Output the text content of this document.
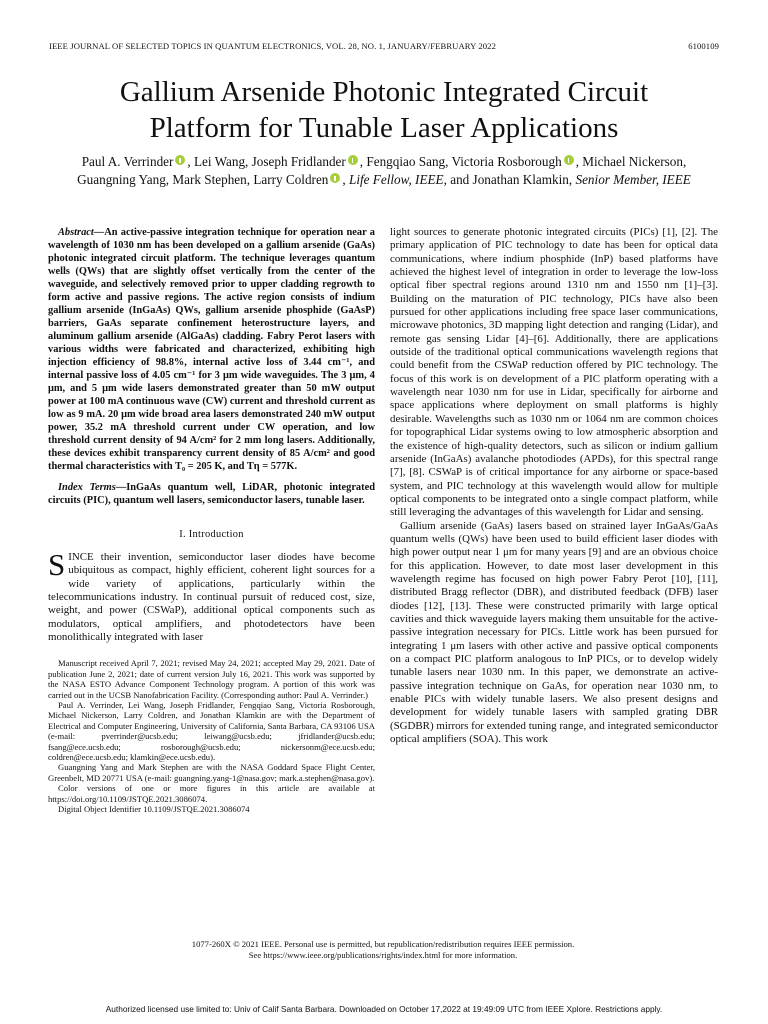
IEEE JOURNAL OF SELECTED TOPICS IN QUANTUM ELECTRONICS, VOL. 28, NO. 1, JANUARY/FEBRUARY 2022	6100109
Gallium Arsenide Photonic Integrated Circuit
Platform for Tunable Laser Applications

Paul A. Verrinder , Lei Wang, Joseph Fridlander , Fengqiao Sang, Victoria Rosborough , Michael Nickerson,
Guangning Yang, Mark Stephen, Larry Coldren , Life Fellow, IEEE, and Jonathan Klamkin, Senior Member, IEEE

Abstract—An active-passive integration technique for operation near a wavelength of 1030 nm has been developed on a gallium arsenide (GaAs) photonic integrated circuit platform. The technique leverages quantum wells (QWs) that are slightly offset vertically from the center of the waveguide, and selectively removed prior to upper cladding regrowth to form active and passive regions. The active region consists of indium gallium arsenide (InGaAs) QWs, gallium arsenide phosphide (GaAsP) barriers, GaAs separate confinement heterostructure layers, and aluminum gallium arsenide (AlGaAs) cladding. Fabry Perot lasers with various widths were fabricated and characterized, exhibiting high injection efficiency of 98.8%, internal active loss of 3.44 cm⁻¹, and internal passive loss of 4.05 cm⁻¹ for 3 μm wide waveguides. The 3 μm, 4 μm, and 5 μm wide lasers demonstrated greater than 50 mW output power at 100 mA continuous wave (CW) current and threshold current as low as 9 mA. 20 μm wide broad area lasers demonstrated 240 mW output power, 35.2 mA threshold current under CW operation, and low threshold current density of 94 A/cm² for 2 mm long lasers. Additionally, these devices exhibit transparency current density of 85 A/cm² and good thermal characteristics with T₀ = 205 K, and Tη = 577K.

Index Terms—InGaAs quantum well, LiDAR, photonic integrated circuits (PIC), quantum well lasers, semiconductor lasers, tunable laser.

I. Introduction

SINCE their invention, semiconductor laser diodes have become ubiquitous as compact, highly efficient, coherent light sources for a wide variety of applications, particularly within the telecommunications industry. In continual pursuit of reduced cost, size, weight, and power (CSWaP), additional optical components such as modulators, optical amplifiers, and photodetectors have been monolithically integrated with laser

Manuscript received April 7, 2021; revised May 24, 2021; accepted May 29, 2021. Date of publication June 2, 2021; date of current version July 16, 2021. This work was supported by the NASA ESTO Advance Component Technology program. A portion of this work was carried out in the UCSB Nanofabrication Facility. (Corresponding author: Paul A. Verrinder.)

Paul A. Verrinder, Lei Wang, Joseph Fridlander, Fengqiao Sang, Victoria Rosborough, Michael Nickerson, Larry Coldren, and Jonathan Klamkin are with the Department of Electrical and Computer Engineering, University of California, Santa Barbara, CA 93106 USA (e-mail: pverrinder@ucsb.edu; leiwang@ucsb.edu; jfridlander@ucsb.edu; fsang@ece.ucsb.edu; rosborough@ucsb.edu; nickersonm@ece.ucsb.edu; coldren@ece.ucsb.edu; klamkin@ece.ucsb.edu).

Guangning Yang and Mark Stephen are with the NASA Goddard Space Flight Center, Greenbelt, MD 20771 USA (e-mail: guangning.yang-1@nasa.gov; mark.a.stephen@nasa.gov).

Color versions of one or more figures in this article are available at https://doi.org/10.1109/JSTQE.2021.3086074.

Digital Object Identifier 10.1109/JSTQE.2021.3086074

light sources to generate photonic integrated circuits (PICs) [1], [2]. The primary application of PIC technology to date has been for optical data communications, where indium phosphide (InP) based platforms have achieved the highest level of integration in order to leverage the low-loss optical fiber spectral regions around 1310 nm and 1550 nm [1]–[3]. Building on the maturation of PIC technology, PICs have also been pursued for other applications including free space laser communications, microwave photonics, 3D mapping light detection and ranging (Lidar), and remote gas sensing Lidar [4]–[6]. Additionally, there are applications outside of the traditional optical communications wavelength regions that could benefit from the CSWaP reduction offered by PIC technology. The focus of this work is on development of a PIC platform operating with a wavelength near 1030 nm for use in Lidar, specifically for airborne and space applications where deployment on small platforms is highly desirable. Wavelengths such as 1030 nm or 1064 nm are common choices for topographical Lidar systems owing to low atmospheric absorption and the existence of high-quality detectors, such as silicon or indium gallium arsenide (InGaAs) avalanche photodiodes (APDs), for this spectral range [7], [8]. CSWaP is of critical importance for any airborne or space-based system, and PIC technology at this wavelength would allow for multiple optical components to be integrated onto a single compact platform, while still leveraging the advantages of this wavelength for Lidar and sensing.

Gallium arsenide (GaAs) lasers based on strained layer InGaAs/GaAs quantum wells (QWs) have been used to build efficient laser diodes with high power output near 1 μm for many years [9] and are an obvious choice for this application. However, to date most laser development in this wavelength regime has focused on high power Fabry Perot [10], [11], distributed Bragg reflector (DBR), and distributed feedback (DFB) laser diodes [12], [13]. These were constructed primarily with large optical cavities and thick waveguide layers making them unsuitable for the active-passive integration necessary for PICs. Little work has been pursued for integrating 1 μm lasers with other active and passive optical components on a compact PIC platform analogous to InP PICs, or to develop widely tunable lasers near 1030 nm. In this paper, we demonstrate an active-passive integration technique on GaAs, for operation near 1030 nm, to enable PICs with widely tunable lasers. We also present designs and development for widely tunable lasers with sampled grating DBR (SGDBR) mirrors for extended tuning range, and integrated semiconductor optical amplifiers (SOA). This work

1077-260X © 2021 IEEE. Personal use is permitted, but republication/redistribution requires IEEE permission.
See https://www.ieee.org/publications/rights/index.html for more information.
Authorized licensed use limited to: Univ of Calif Santa Barbara. Downloaded on October 17,2022 at 19:49:09 UTC from IEEE Xplore. Restrictions apply.
